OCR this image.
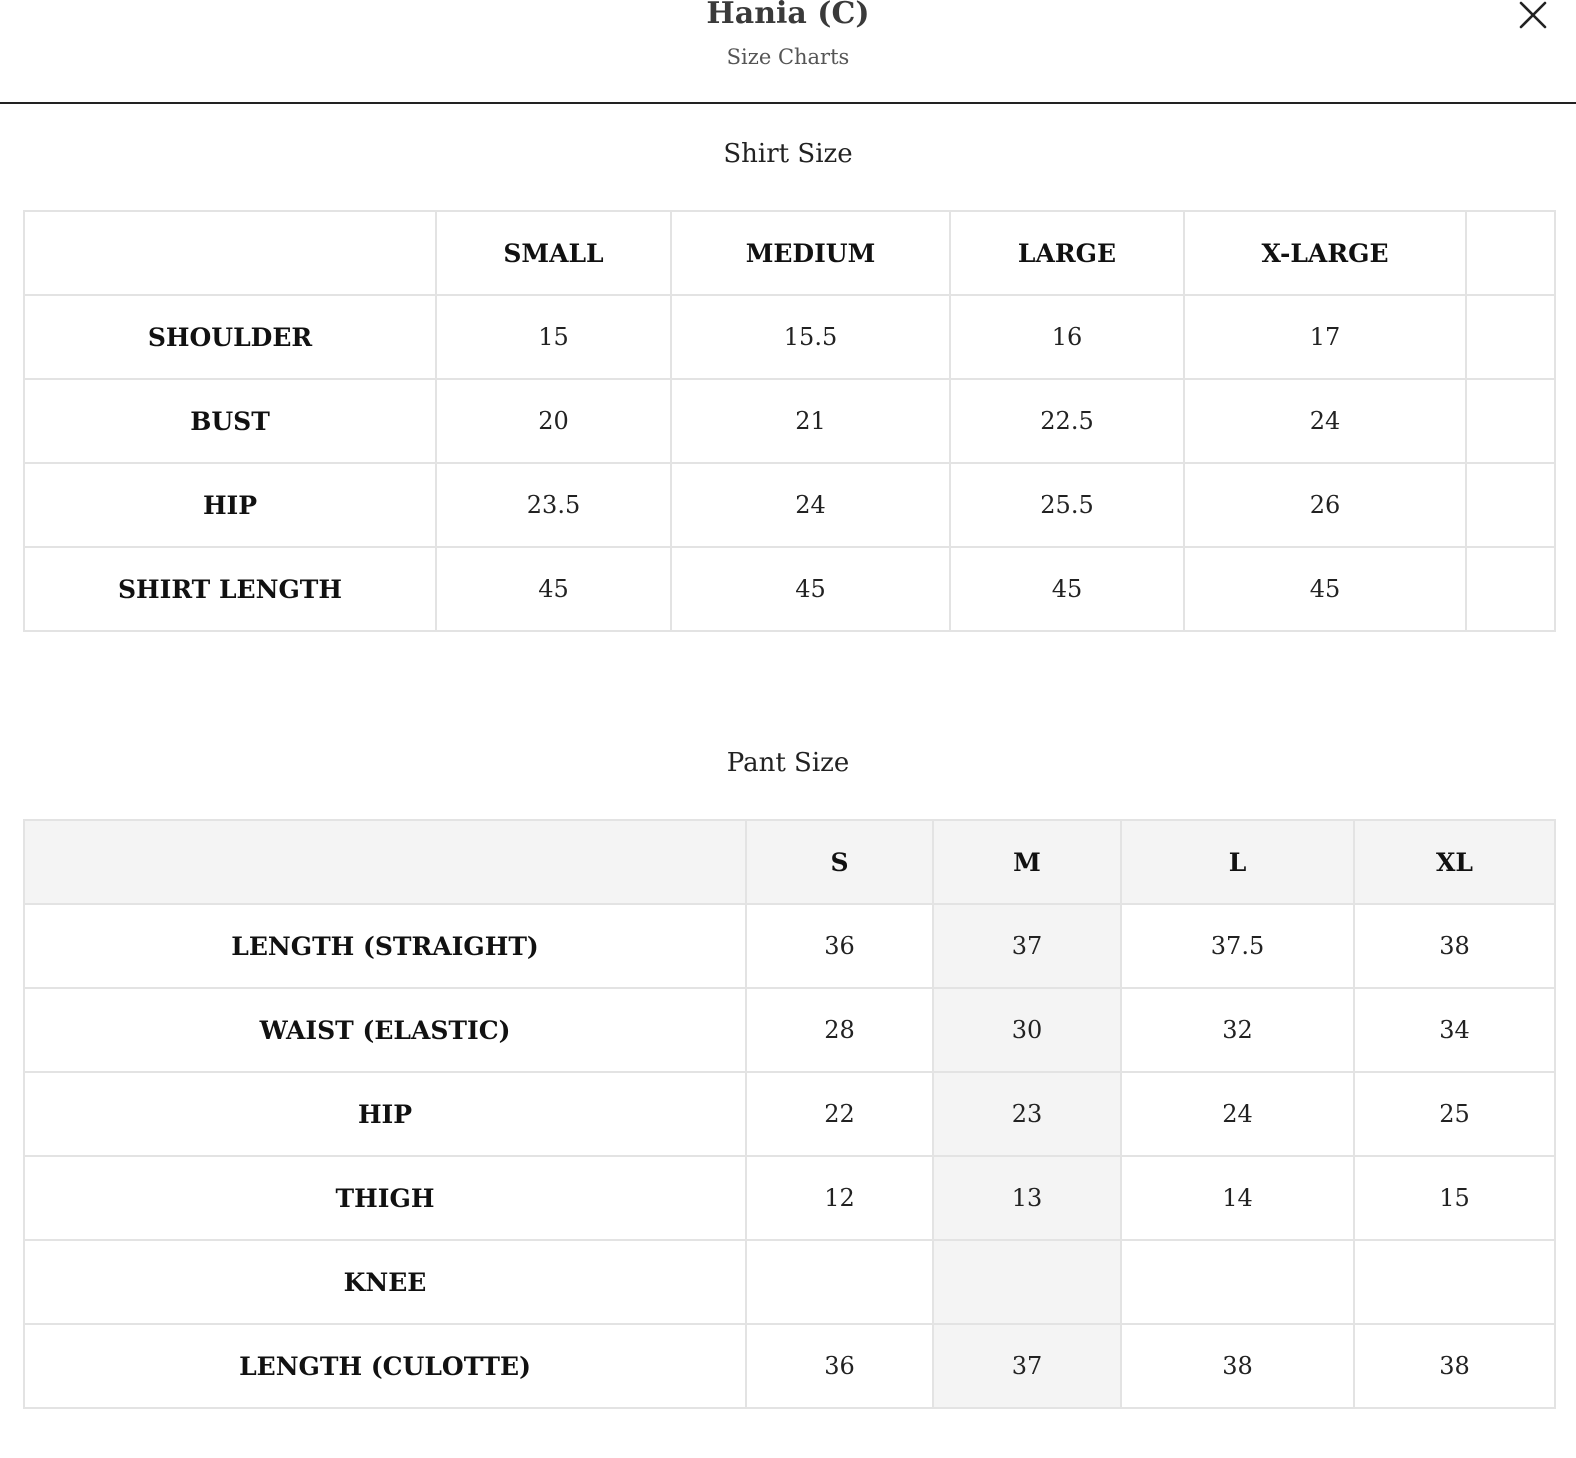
Hania (C)
Size Charts
Shirt Size
	SMALL	MEDIUM	LARGE	X-LARGE	
SHOULDER	15	15.5	16	17	
BUST	20	21	22.5	24	
HIP	23.5	24	25.5	26	
SHIRT LENGTH	45	45	45	45	
Pant Size
	S	M	L	XL
LENGTH (STRAIGHT)	36	37	37.5	38
WAIST (ELASTIC)	28	30	32	34
HIP	22	23	24	25
THIGH	12	13	14	15
KNEE				
LENGTH (CULOTTE)	36	37	38	38
